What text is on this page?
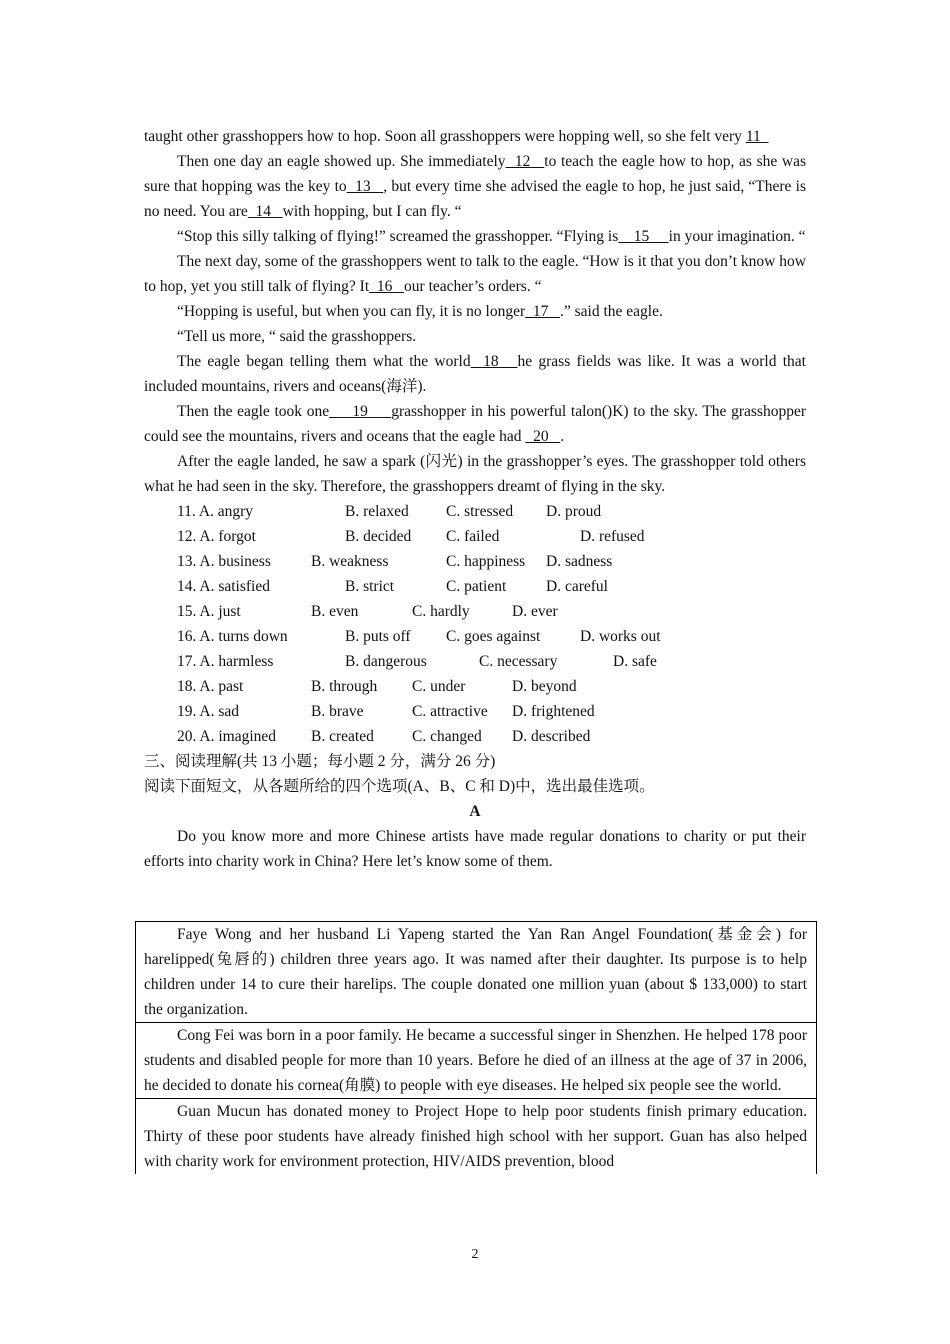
taught other grasshoppers how to hop. Soon all grasshoppers were hopping well, so she felt very 11

Then one day an eagle showed up. She immediately  12   to teach the eagle how to hop, as she was sure that hopping was the key to  13   , but every time she advised the eagle to hop, he just said, “There is no need. You are  14   with hopping, but I can fly. “

“Stop this silly talking of flying!” screamed the grasshopper. “Flying is    15     in your imagination. “

The next day, some of the grasshoppers went to talk to the eagle. “How is it that you don’t know how to hop, yet you still talk of flying? It  16   our teacher’s orders. “

“Hopping is useful, but when you can fly, it is no longer  17   .” said the eagle.

“Tell us more, “ said the grasshoppers.

The eagle began telling them what the world  18   he grass fields was like. It was a world that included mountains, rivers and oceans(海洋).

Then the eagle took one     19     grasshopper in his powerful talon()K) to the sky. The grasshopper could see the mountains, rivers and oceans that the eagle had   20   .

After the eagle landed, he saw a spark (闪光) in the grasshopper’s eyes. The grasshopper told others what he had seen in the sky. Therefore, the grasshoppers dreamt of flying in the sky.

11. A. angry	B. relaxed C. stressed D. proud
12. A. forgot	B. decided C. failed	D. refused
13. A. business	B. weakness	C. happiness D. sadness
14. A. satisfied	B. strict	C. patient	D. careful
15. A. just	B. even	C. hardly	D. ever
16. A. turns down	B. puts off C. goes against	D. works out
17. A. harmless	B. dangerous	C. necessary	D. safe
18. A. past	B. through C. under	D. beyond
19. A. sad	B. brave	C. attractive D. frightened
20. A. imagined B. created C. changed D. described

三、阅读理解(共 13 小题；每小题 2 分，满分 26 分)

阅读下面短文，从各题所给的四个选项(A、B、C 和 D)中，选出最佳选项。

A

Do you know more and more Chinese artists have made regular donations to charity or put their efforts into charity work in China? Here let’s know some of them.

Faye Wong and her husband Li Yapeng started the Yan Ran Angel Foundation(基金会) for harelipped(兔唇的) children three years ago. It was named after their daughter. Its purpose is to help children under 14 to cure their harelips. The couple donated one million yuan (about $ 133,000) to start the organization.

Cong Fei was born in a poor family. He became a successful singer in Shenzhen. He helped 178 poor students and disabled people for more than 10 years. Before he died of an illness at the age of 37 in 2006, he decided to donate his cornea(角膜) to people with eye diseases. He helped six people see the world.

Guan Mucun has donated money to Project Hope to help poor students finish primary education. Thirty of these poor students have already finished high school with her support. Guan has also helped with charity work for environment protection, HIV/AIDS prevention, blood

2
